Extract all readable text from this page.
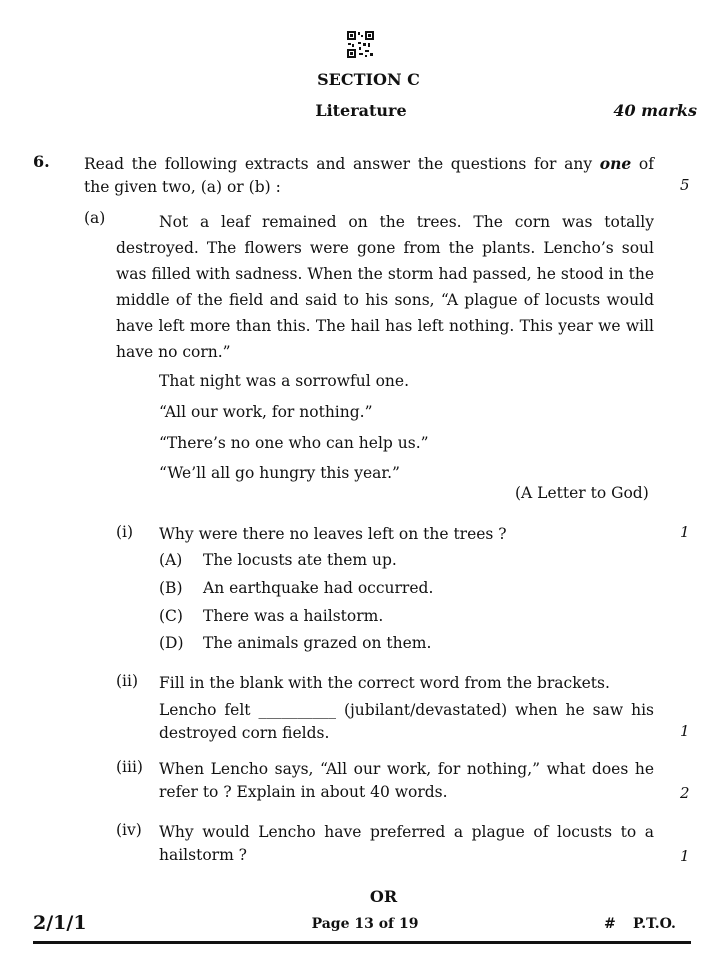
SECTION C
Literature	40 marks
6. Read the following extracts and answer the questions for any one of the given two, (a) or (b) :	5
(a)	Not a leaf remained on the trees. The corn was totally destroyed. The flowers were gone from the plants. Lencho’s soul was filled with sadness. When the storm had passed, he stood in the middle of the field and said to his sons, “A plague of locusts would have left more than this. The hail has left nothing. This year we will have no corn.”
That night was a sorrowful one.
“All our work, for nothing.”
“There’s no one who can help us.”
“We’ll all go hungry this year.”
(A Letter to God)
(i) Why were there no leaves left on the trees ?	1
(A) The locusts ate them up.
(B) An earthquake had occurred.
(C) There was a hailstorm.
(D) The animals grazed on them.
(ii) Fill in the blank with the correct word from the brackets.
Lencho felt __________ (jubilant/devastated) when he saw his destroyed corn fields.	1
(iii) When Lencho says, “All our work, for nothing,” what does he refer to ? Explain in about 40 words.	2
(iv) Why would Lencho have preferred a plague of locusts to a hailstorm ?	1
OR
2/1/1	Page 13 of 19	# P.T.O.
